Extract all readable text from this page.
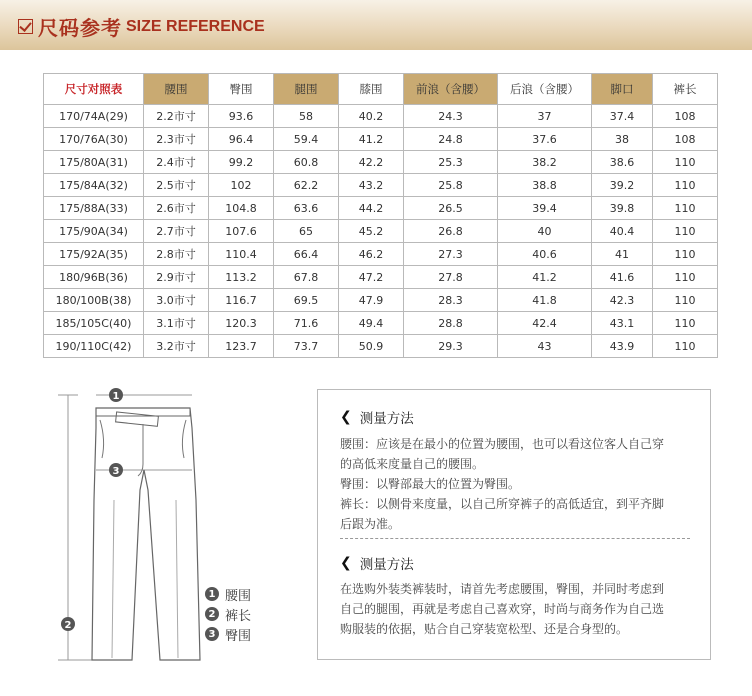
尺码参考 SIZE REFERENCE
尺寸对照表	腰围	臀围	腿围	膝围	前浪（含腰）	后浪（含腰）	脚口	裤长
170/74A(29)	2.2市寸	93.6	58	40.2	24.3	37	37.4	108
170/76A(30)	2.3市寸	96.4	59.4	41.2	24.8	37.6	38	108
175/80A(31)	2.4市寸	99.2	60.8	42.2	25.3	38.2	38.6	110
175/84A(32)	2.5市寸	102	62.2	43.2	25.8	38.8	39.2	110
175/88A(33)	2.6市寸	104.8	63.6	44.2	26.5	39.4	39.8	110
175/90A(34)	2.7市寸	107.6	65	45.2	26.8	40	40.4	110
175/92A(35)	2.8市寸	110.4	66.4	46.2	27.3	40.6	41	110
180/96B(36)	2.9市寸	113.2	67.8	47.2	27.8	41.2	41.6	110
180/100B(38)	3.0市寸	116.7	69.5	47.9	28.3	41.8	42.3	110
185/105C(40)	3.1市寸	120.3	71.6	49.4	28.8	42.4	43.1	110
190/110C(42)	3.2市寸	123.7	73.7	50.9	29.3	43	43.9	110
1
3
2
1 腰围
2 裤长
3 臀围
❮ 测量方法
腰围：应该是在最小的位置为腰围，也可以看这位客人自己穿
的高低来度量自己的腰围。
臀围：以臀部最大的位置为臀围。
裤长：以侧骨来度量，以自己所穿裤子的高低适宜，到平齐脚
后跟为准。
❮ 测量方法
在选购外装类裤装时，请首先考虑腰围，臀围，并同时考虑到
自己的腿围，再就是考虑自己喜欢穿，时尚与商务作为自己选
购服装的依据，贴合自己穿装宽松型、还是合身型的。
